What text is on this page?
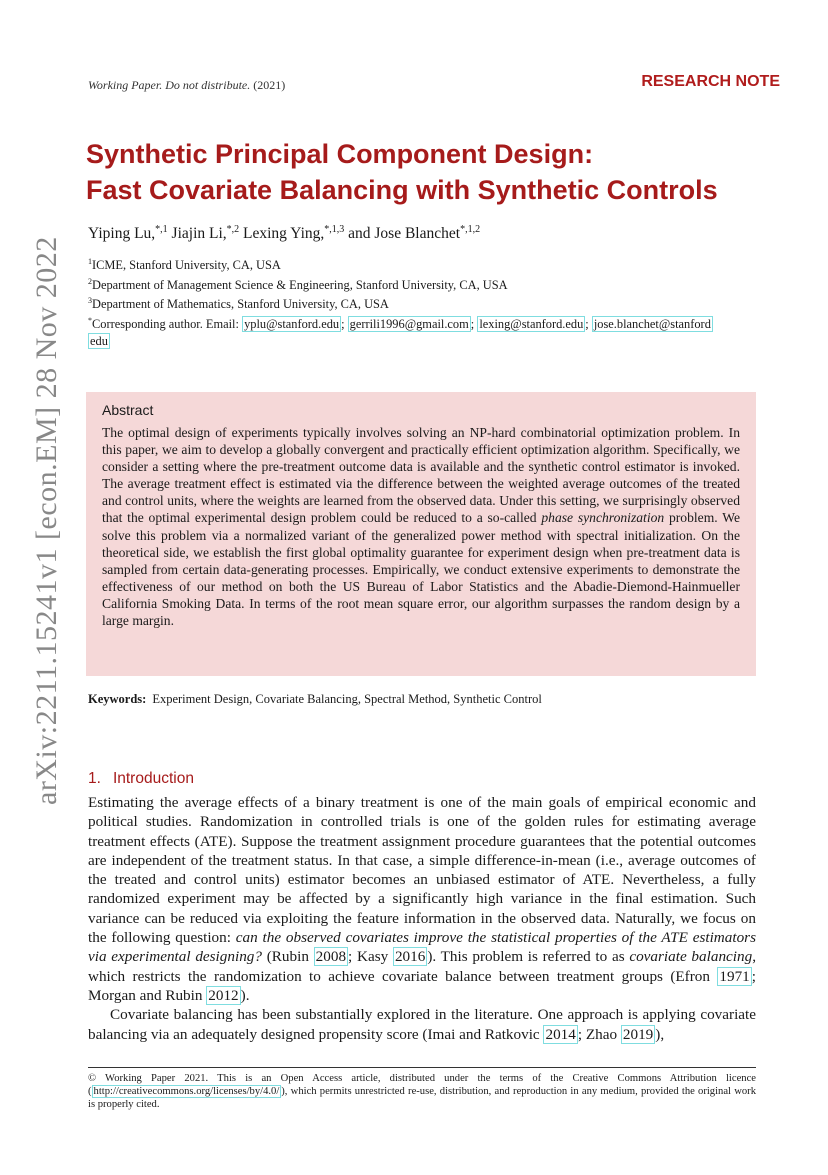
arXiv:2211.15241v1 [econ.EM] 28 Nov 2022
Working Paper. Do not distribute. (2021)	RESEARCH NOTE
Synthetic Principal Component Design:
Fast Covariate Balancing with Synthetic Controls
Yiping Lu,$^{*,1}$ Jiajin Li,$^{*,2}$ Lexing Ying,$^{*,1,3}$ and Jose Blanchet$^{*,1,2}$
$^1$ICME, Stanford University, CA, USA
$^2$Department of Management Science & Engineering, Stanford University, CA, USA
$^3$Department of Mathematics, Stanford University, CA, USA
*Corresponding author. Email: yplu@stanford.edu ; gerrili1996@gmail.com ; lexing@stanford.edu ; jose.blanchet@stanford
edu
Abstract

The optimal design of experiments typically involves solving an NP-hard combinatorial optimization problem. In this paper, we aim to develop a globally convergent and practically efficient optimization algorithm. Specifically, we consider a setting where the pre-treatment outcome data is available and the synthetic control estimator is invoked. The average treatment effect is estimated via the difference between the weighted average outcomes of the treated and control units, where the weights are learned from the observed data. Under this setting, we surprisingly observed that the optimal experimental design problem could be reduced to a so-called phase synchronization problem. We solve this problem via a normalized variant of the generalized power method with spectral initialization. On the theoretical side, we establish the first global optimality guarantee for experiment design when pre-treatment data is sampled from certain data-generating processes. Empirically, we conduct extensive experiments to demonstrate the effectiveness of our method on both the US Bureau of Labor Statistics and the Abadie-Diemond-Hainmueller California Smoking Data. In terms of the root mean square error, our algorithm surpasses the random design by a large margin.

Keywords: Experiment Design, Covariate Balancing, Spectral Method, Synthetic Control
1. Introduction

Estimating the average effects of a binary treatment is one of the main goals of empirical economic and political studies. Randomization in controlled trials is one of the golden rules for estimating average treatment effects (ATE). Suppose the treatment assignment procedure guarantees that the potential outcomes are independent of the treatment status. In that case, a simple difference-in-mean (i.e., average outcomes of the treated and control units) estimator becomes an unbiased estimator of ATE. Nevertheless, a fully randomized experiment may be affected by a significantly high variance in the final estimation. Such variance can be reduced via exploiting the feature information in the observed data. Naturally, we focus on the following question: can the observed covariates improve the statistical properties of the ATE estimators via experimental designing? (Rubin 2008 ; Kasy 2016 ). This problem is referred to as covariate balancing, which restricts the randomization to achieve covariate balance between treatment groups (Efron 1971 ; Morgan and Rubin 2012 ).

Covariate balancing has been substantially explored in the literature. One approach is applying covariate balancing via an adequately designed propensity score (Imai and Ratkovic 2014 ; Zhao 2019 ),

© Working Paper 2021. This is an Open Access article, distributed under the terms of the Creative Commons Attribution licence ( http://creativecommons.org/licenses/by/4.0/ ), which permits unrestricted re-use, distribution, and reproduction in any medium, provided the original work is properly cited.
